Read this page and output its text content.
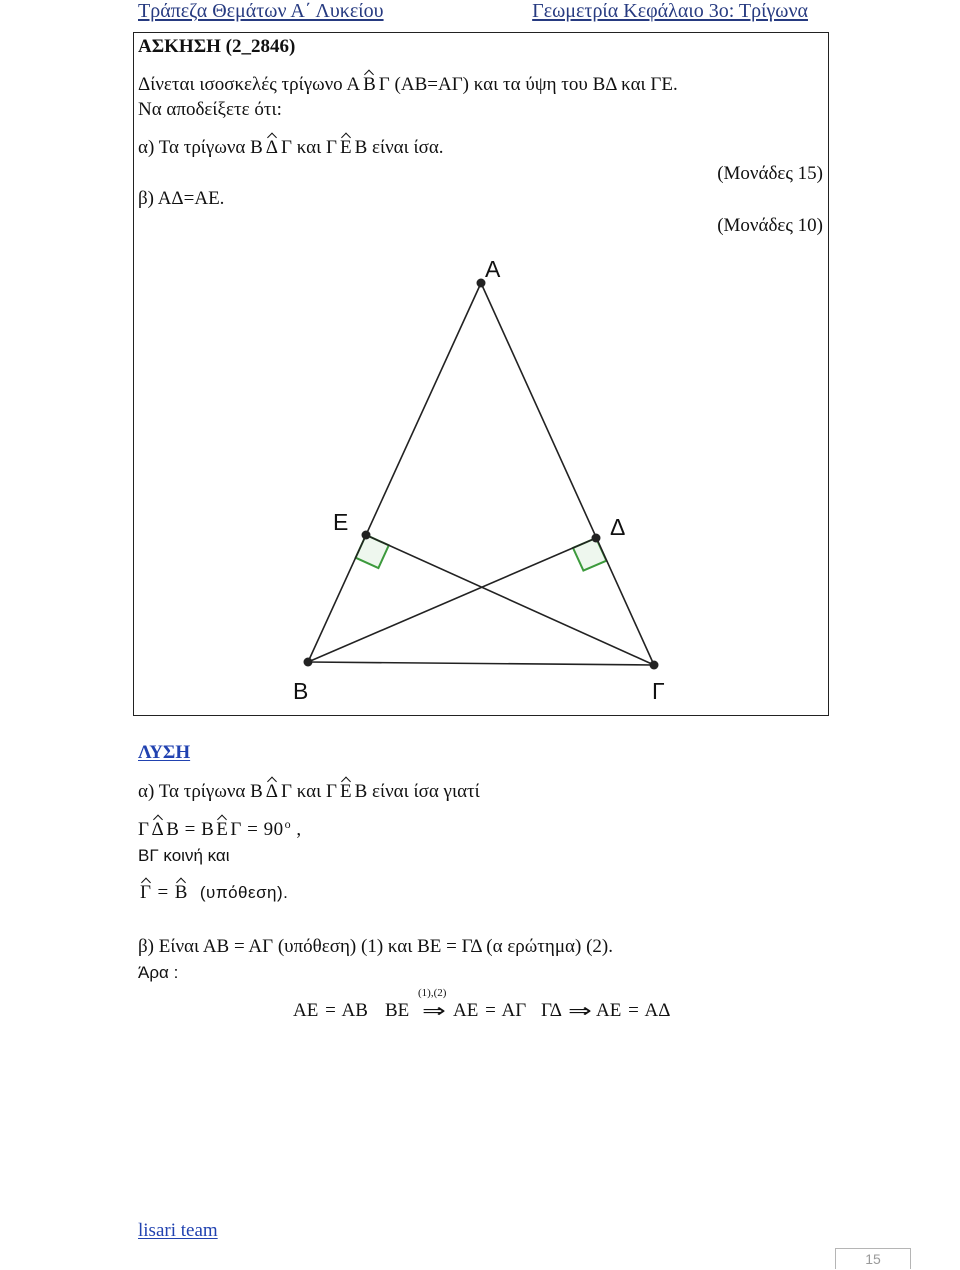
Τράπεζα Θεμάτων Α΄ Λυκείου	Γεωμετρία Κεφάλαιο 3ο: Τρίγωνα
ΑΣΚΗΣΗ (2_2846)
Δίνεται ισοσκελές τρίγωνο Α Β Γ (ΑΒ=ΑΓ) και τα ύψη του ΒΔ και ΓΕ.
Να αποδείξετε ότι:
α) Τα τρίγωνα Β Δ Γ και Γ Ε Β είναι ίσα.
(Μονάδες 15)
β) ΑΔ=ΑΕ.
(Μονάδες 10)
Α
Ε	Δ
Β	Γ
ΛΥΣΗ
α) Τα τρίγωνα Β Δ Γ και Γ Ε Β είναι ίσα γιατί
Γ Δ Β = Β Ε $\Gamma = 90^o$ ,
ΒΓ κοινή και
Γ = Β (υπόθεση).
β) Είναι ΑΒ = ΑΓ (υπόθεση) (1) και ΒΕ = ΓΔ (α ερώτημα) (2).
Άρα :
ΑΕ = ΑΒ ΒΕ
(1),(2)
⇒ ΑΕ = ΑΓ ΓΔ ⇒ ΑΕ = ΑΔ
lisari team
15
